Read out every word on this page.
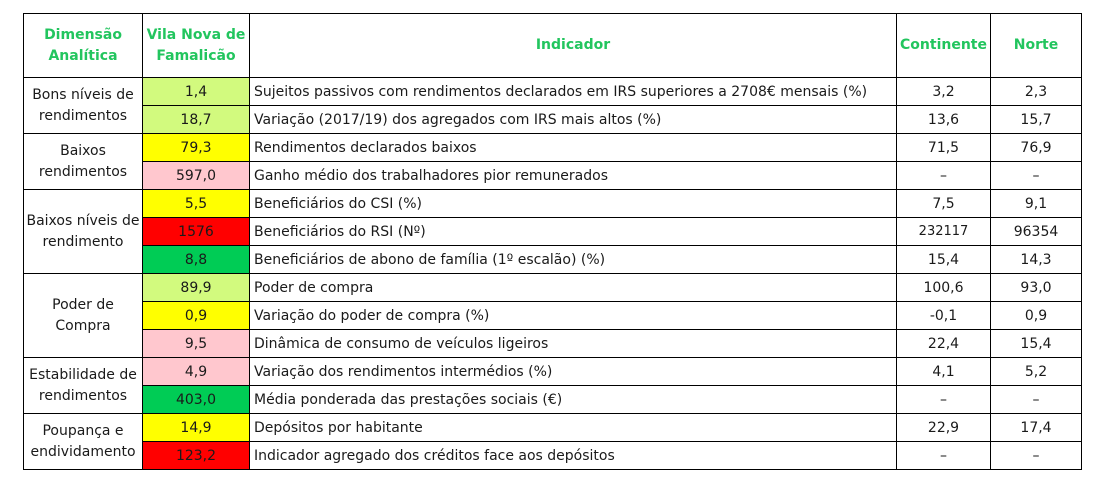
Dimensão Analítica	Vila Nova de Famalicão	Indicador	Continente	Norte
Bons níveis de rendimentos	1,4	Sujeitos passivos com rendimentos declarados em IRS superiores a 2708€ mensais (%)	3,2	2,3
	18,7	Variação (2017/19) dos agregados com IRS mais altos (%)	13,6	15,7
Baixos rendimentos	79,3	Rendimentos declarados baixos	71,5	76,9
	597,0	Ganho médio dos trabalhadores pior remunerados	–	–
Baixos níveis de rendimento	5,5	Beneficiários do CSI (%)	7,5	9,1
	1576	Beneficiários do RSI (Nº)	232117	96354
	8,8	Beneficiários de abono de família (1º escalão) (%)	15,4	14,3
Poder de Compra	89,9	Poder de compra	100,6	93,0
	0,9	Variação do poder de compra (%)	-0,1	0,9
	9,5	Dinâmica de consumo de veículos ligeiros	22,4	15,4
Estabilidade de rendimentos	4,9	Variação dos rendimentos intermédios (%)	4,1	5,2
	403,0	Média ponderada das prestações sociais (€)	–	–
Poupança e endividamento	14,9	Depósitos por habitante	22,9	17,4
	123,2	Indicador agregado dos créditos face aos depósitos	–	–
